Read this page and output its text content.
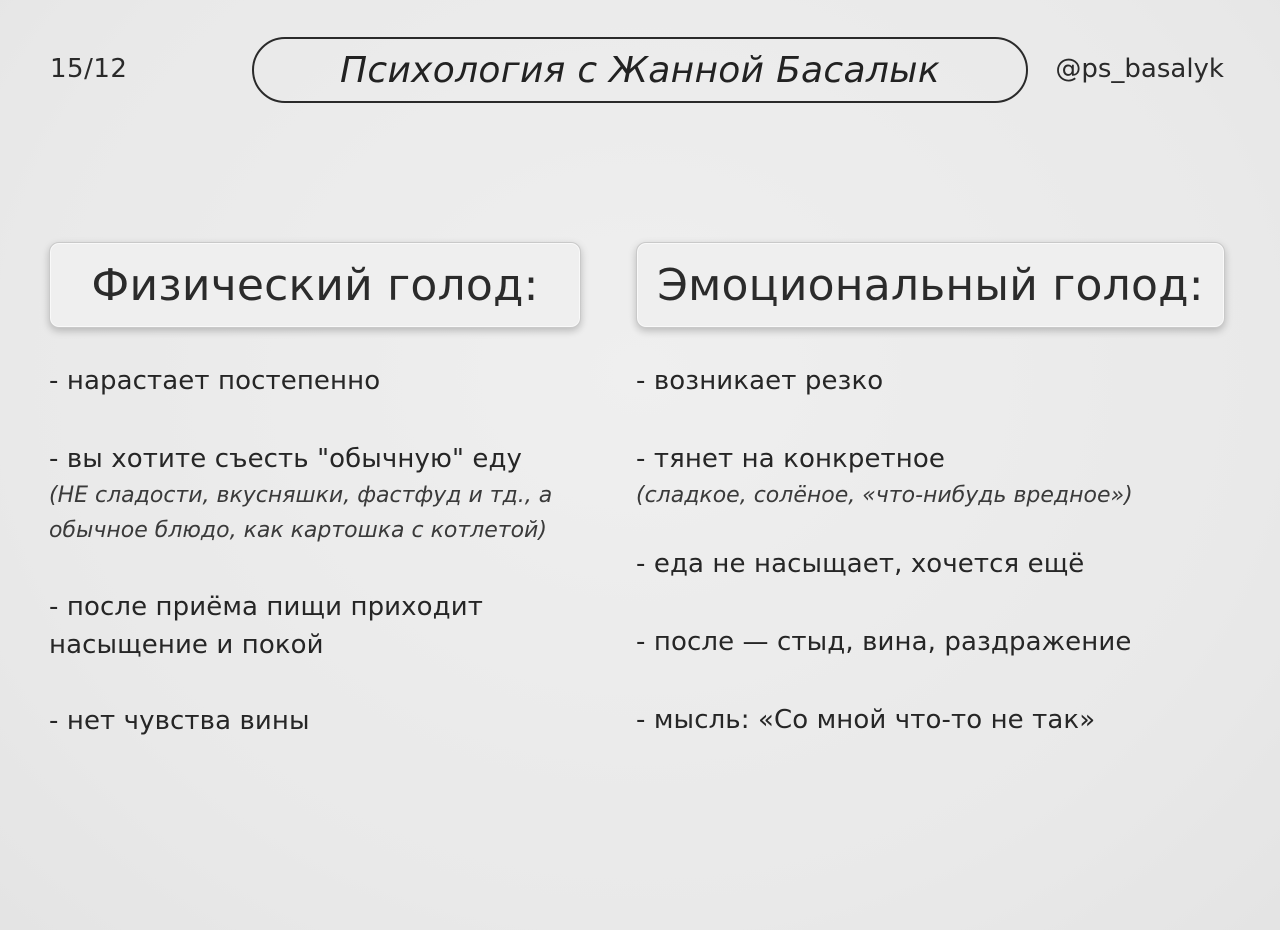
15/12	Психология с Жанной Басалык	@ps_basalyk
Физический голод:
- нарастает постепенно
- вы хотите съесть "обычную" еду
(НЕ сладости, вкусняшки, фастфуд и тд., а обычное блюдо, как картошка с котлетой)
- после приёма пищи приходит насыщение и покой
- нет чувства вины
Эмоциональный голод:
- возникает резко
- тянет на конкретное
(сладкое, солёное, «что-нибудь вредное»)
- еда не насыщает, хочется ещё
- после — стыд, вина, раздражение
- мысль: «Со мной что-то не так»
